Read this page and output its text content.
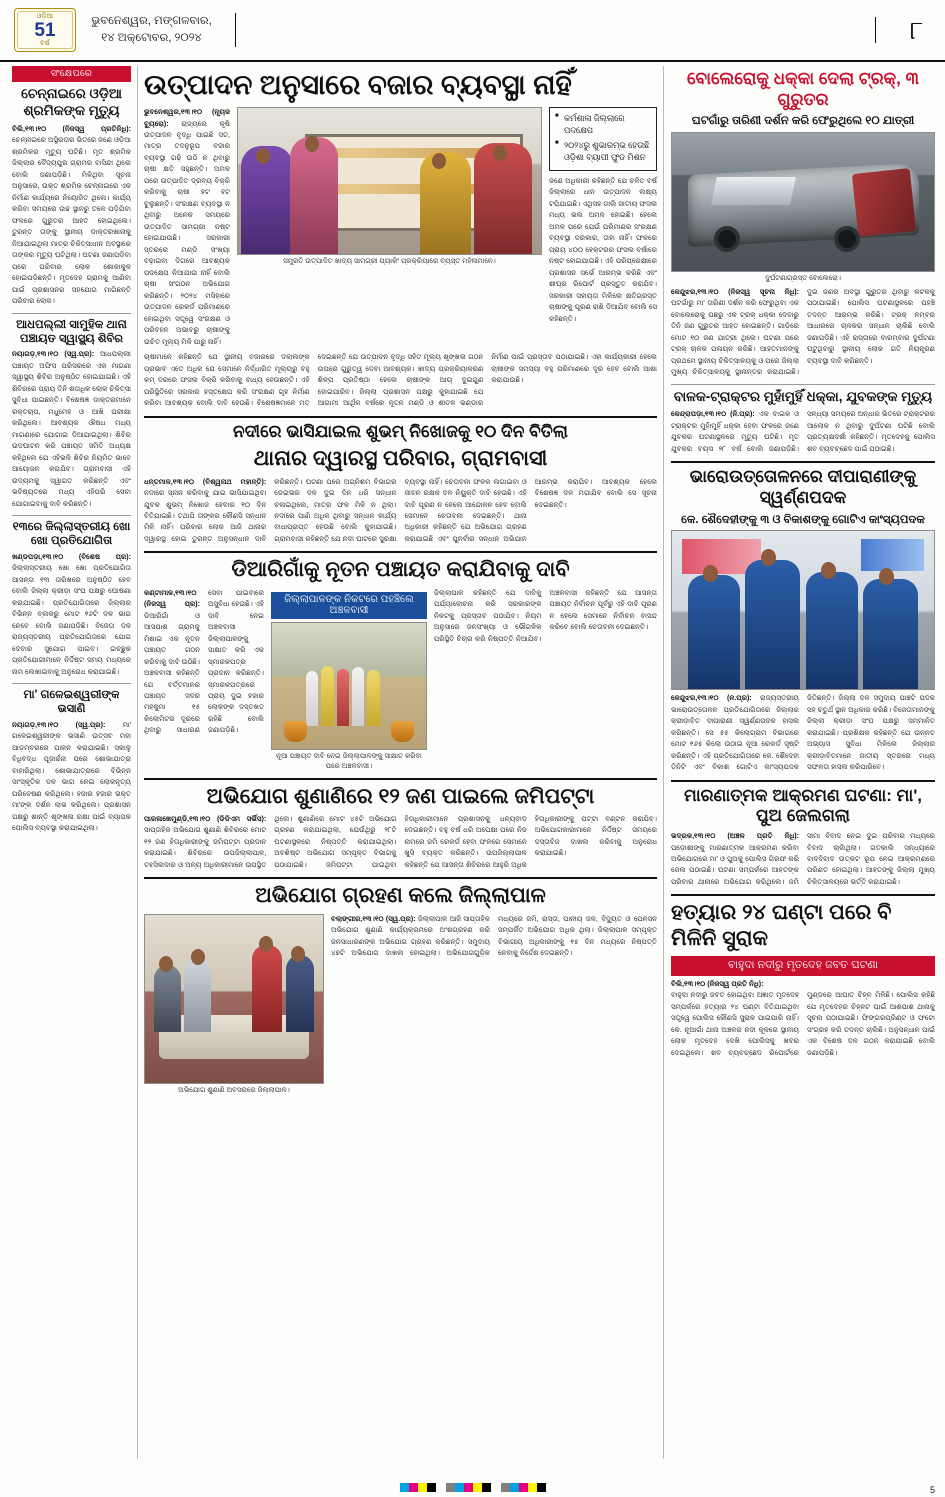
ଓଡ଼ିଆ
51
ବର୍ଷ
ଭୁବନେଶ୍ୱର, ମଙ୍ଗଳବାର,
୧୪ ଅକ୍ଟୋବର, ୨୦୨୪	୮
ସଂକ୍ଷେପରେ
ଚେନ୍ନାଇରେ ଓଡ଼ିଆ ଶ୍ରମିକଙ୍କ ମୃତ୍ୟୁ
ବିଲି,୧୩।୧୦ (ନିଜସ୍ୱ ପ୍ରତିନିଧି): ଚେନ୍ନାଇରେ ଅସ୍ଥିରତାର ଭିତରେ ଜଣେ ଓଡ଼ିଆ ଶ୍ରମିକର ମୃତ୍ୟୁ ଘଟିଛି। ମୃତ ଶ୍ରମିକ ଜିଲ୍ଲାର ବୈଦ୍ୟପୁର ଗ୍ରାମର ବାସିନ୍ଦା ଥିଲେ ବୋଲି ଜଣାପଡ଼ିଛି। ମିଳିଥିବା ସୂଚନା ଅନୁସାରେ, ଉକ୍ତ ଶ୍ରମିକ ଚେନ୍ନାଇରେ ଏକ ନିର୍ମାଣ କାର୍ଯ୍ୟରେ ନିୟୋଜିତ ଥିଲେ। କାର୍ଯ୍ୟ କରିବା ସମୟରେ ଉଚ୍ଚ ସ୍ଥାନରୁ ତଳେ ପଡ଼ିଯିବା ଫଳରେ ଗୁରୁତର ଆହତ ହୋଇଥିଲେ। ତୁରନ୍ତ ତାଙ୍କୁ ସ୍ଥାନୀୟ ଡାକ୍ତରଖାନାକୁ ନିଆଯାଇଥିଲା ମାତ୍ର ଚିକିତ୍ସାଧୀନ ଅବସ୍ଥାରେ ତାଙ୍କର ମୃତ୍ୟୁ ଘଟିଥିଲା। ଘଟଣା ଜଣାପଡ଼ିବା ପରେ ପରିବାର ଲୋକ ଶୋକାକୁଳ ହୋଇପଡ଼ିଛନ୍ତି। ମୃତଦେହ ଗ୍ରାମକୁ ଆଣିବା ପାଇଁ ପ୍ରଶାସନର ସହଯୋଗ ମାଗିଛନ୍ତି ପରିବାର ଲୋକ।
ଆଧପଲ୍ଲୀ ସାମୁହିକ ଥାନା ପଞ୍ଚାୟତ ସ୍ୱାସ୍ଥ୍ୟ ଶିବିର
ନୟାଗଡ଼,୧୩।୧୦ (ସ୍ୱ.ପ୍ର): ଆଧପଲ୍ଲୀ ପଞ୍ଚାୟତ ଅଫିସ ପରିସରରେ ଏକ ମାଗଣା ସ୍ୱାସ୍ଥ୍ୟ ଶିବିର ଅନୁଷ୍ଠିତ ହୋଇଯାଇଛି। ଏହି ଶିବିରରେ ପ୍ରାୟ ତିନି ଶତାଧିକ ଲୋକ ଚିକିତ୍ସା ସୁବିଧା ପାଇଛନ୍ତି। ବିଶେଷଜ୍ଞ ଡାକ୍ତରମାନେ ରକ୍ତଚାପ, ମଧୁମେହ ଓ ଆଖି ପରୀକ୍ଷା କରିଥିଲେ। ଆବଶ୍ୟକ ଔଷଧ ମଧ୍ୟ ମାଗଣାରେ ଯୋଗାଇ ଦିଆଯାଇଥିଲା। ଶିବିର ଉଦଘାଟନ କରି ପଞ୍ଚାୟତ ସମିତି ଅଧ୍ୟକ୍ଷ କହିଥିଲେ ଯେ ଏହିଭଳି ଶିବିର ନିୟମିତ ଭାବେ ଆୟୋଜନ କରାଯିବ। ଗ୍ରାମବାସୀ ଏହି ଉଦ୍ୟମକୁ ସ୍ୱାଗତ କରିଛନ୍ତି ଏବଂ ଭବିଷ୍ୟତରେ ମଧ୍ୟ ଏହିପରି ସେବା ଯୋଗାଇବାକୁ ଦାବି କରିଛନ୍ତି।
୧୩ରେ ଜିଲ୍ଲାସ୍ତରୀୟ ଖୋ ଖୋ ପ୍ରତିଯୋଗିତା
ଖଣ୍ଡପଡ଼ା,୧୩।୧୦ (ବିଶେଷ ପ୍ର): ଜିଲ୍ଲାସ୍ତରୀୟ ଖୋ ଖୋ ପ୍ରତିଯୋଗିତା ଆସନ୍ତା ୧୩ ତାରିଖରେ ଅନୁଷ୍ଠିତ ହେବ ବୋଲି ଜିଲ୍ଲା କ୍ରୀଡ଼ା ସଂଘ ପକ୍ଷରୁ ଘୋଷଣା କରାଯାଇଛି। ପ୍ରତିଯୋଗିତାରେ ଜିଲ୍ଲାର ବିଭିନ୍ନ ବ୍ଲକରୁ ମୋଟ ୧୬ଟି ଦଳ ଭାଗ ନେବେ ବୋଲି ଜଣାପଡ଼ିଛି। ବିଜେତା ଦଳ ରାଜ୍ୟସ୍ତରୀୟ ପ୍ରତିଯୋଗିତାରେ ଯୋଗ ଦେବାର ସୁଯୋଗ ପାଇବ। ଇଚ୍ଛୁକ ପ୍ରତିଯୋଗୀମାନେ ନିର୍ଦ୍ଦିଷ୍ଟ ସମୟ ମଧ୍ୟରେ ନାମ ଲେଖାଇବାକୁ ଅନୁରୋଧ କରାଯାଇଛି।
ମା' ଗଳେଇଶ୍ୱରୀଙ୍କ ଭସାଣି
ନୟାଗଡ଼,୧୩।୧୦ (ସ୍ୱ.ପ୍ର): ମା' ଗଳେଇଶ୍ୱରୀଙ୍କ ଭସାଣି ଉତ୍ସବ ମହା ଆଡ଼ମ୍ବରରେ ପାଳନ କରାଯାଇଛି। ସକାଳୁ ବିଧିବଦ୍ଧ ପୂଜାର୍ଚ୍ଚନା ପରେ ଶୋଭାଯାତ୍ରା ବାହାରିଥିଲା। ଶୋଭାଯାତ୍ରାରେ ବିଭିନ୍ନ ସାଂସ୍କୃତିକ ଦଳ ଭାଗ ନେଇ ଲୋକନୃତ୍ୟ ପରିବେଷଣ କରିଥିଲେ। ହଜାର ହଜାର ଭକ୍ତ ମା'ଙ୍କ ଦର୍ଶନ ଲାଭ କରିଥିଲେ। ପ୍ରଶାସନ ପକ୍ଷରୁ ଶାନ୍ତି ଶୃଙ୍ଖଳା ରକ୍ଷା ପାଇଁ ବ୍ୟାପକ ପୋଲିସ ବ୍ୟବସ୍ଥା କରାଯାଇଥିଲା।
ଉତ୍ପାଦନ ଅନୁସାରେ ବଜାର ବ୍ୟବସ୍ଥା ନାହିଁ
ଭୁବନେଶ୍ୱର,୧୩।୧୦ (ନ୍ୟୂଜ ବ୍ୟୁରୋ): ରାଜ୍ୟରେ କୃଷି ଉତ୍ପାଦନ ବୃଦ୍ଧି ପାଇଛି ସତ, ମାତ୍ର ତଦନୁରୂପ ବଜାର ବ୍ୟବସ୍ଥା ଗଢ଼ି ଉଠି ନ ଥିବାରୁ ଚାଷୀ କ୍ଷତି ସହୁଛନ୍ତି। ଅମଳ ପରେ ଉତ୍ପାଦିତ ଦ୍ରବ୍ୟ ବିକ୍ରି କରିବାକୁ ଚାଷୀ ହଟ ହଟ ବୁଲୁଛନ୍ତି। ସଂରକ୍ଷଣ ବ୍ୟବସ୍ଥା ନ ଥିବାରୁ ଅନେକ ସମୟରେ ଉତ୍ପାଦିତ ସାମଗ୍ରୀ ନଷ୍ଟ ହୋଇଯାଉଛି।	ସରକାରୀ ସ୍ତରରେ ମଣ୍ଡି ସଂଖ୍ୟା ବଢ଼ାଇବା ଦିଗରେ ଆବଶ୍ୟକ ପଦକ୍ଷେପ ନିଆଯାଉ ନାହିଁ ବୋଲି ଚାଷୀ ସଂଗଠନ ଅଭିଯୋଗ କରିଛନ୍ତି। ୨୦୨୪ ମସିହାରେ ଉତ୍ପାଦନ ରେକର୍ଡ ପରିମାଣରେ ହୋଇଥିବା ସତ୍ତ୍ୱେ ସଂରକ୍ଷଣ ଓ ପରିବହନ ଅଭାବରୁ ଚାଷୀଙ୍କୁ ଉଚିତ ମୂଲ୍ୟ ମିଳି ପାରୁ ନାହିଁ।
ସମ୍ପ୍ରତି ଉତ୍ପାଦିତ ଖାଦ୍ୟ ସାମଗ୍ରୀ ପ୍ୟାକିଂ ପ୍ରକ୍ରିୟାରେ ବ୍ୟସ୍ତ ମହିଳାମାନେ।
■ କର୍ମଶାଳା ଜିଲ୍ଲାରେ ପଦକ୍ଷେପ
■ ୨୦୨୪ରୁ ଶୁଭାରମ୍ଭ ହେଉଛି ଓଡ଼ିଶା ବ୍ୟାପୀ ଫୁଡ ମିଶନ
ଜଣେ ଅଧିକାରୀ କହିଛନ୍ତି ଯେ ଚଳିତ ବର୍ଷ ଜିଲ୍ଲାରେ ଧାନ ଉତ୍ପାଦନ ଲକ୍ଷ୍ୟ ଟପିଯାଇଛି। ଏଥିସହ ଡାଲି ଜାତୀୟ ଫସଲ ମଧ୍ୟ ଭଲ ଅମଳ ହୋଇଛି। ହେଲେ ଅମଳ ପରେ ଯେଉଁ ପରିମାଣର ସଂରକ୍ଷଣ ବ୍ୟବସ୍ଥା ଦରକାର, ତାହା ନାହିଁ। ଫଳରେ ପ୍ରାୟ ୪୦୦ ହେକ୍ଟରର ଫସଲ ବର୍ଷାରେ ନଷ୍ଟ ହୋଇଯାଇଛି। ଏହି ପରିପ୍ରେକ୍ଷୀରେ ପ୍ରଶାସନ ସର୍ଭେ ଆରମ୍ଭ କରିଛି ଏବଂ ଶୀଘ୍ର ରିପୋର୍ଟ ପ୍ରସ୍ତୁତ କରାଯିବ। ସରକାରୀ ସହାୟତା ମିଳିଲେ କ୍ଷତିଗ୍ରସ୍ତ ଚାଷୀଙ୍କୁ ପୂରଣ ରାଶି ଦିଆଯିବ ବୋଲି ସେ କହିଛନ୍ତି।
ଚାଷୀମାନେ କହିଛନ୍ତି ଯେ ସ୍ଥାନୀୟ ବଜାରରେ ଦଲାଲଙ୍କ ପ୍ରଭାବ ଏତେ ଅଧିକ ଯେ ସେମାନେ ନିର୍ଦ୍ଧାରିତ ମୂଲ୍ୟରୁ ବହୁ କମ୍ ଦରରେ ଫସଲ ବିକ୍ରି କରିବାକୁ ବାଧ୍ୟ ହେଉଛନ୍ତି। ଏହି ପରିସ୍ଥିତିରେ ସରକାର ହସ୍ତକ୍ଷେପ କରି ସଂରକ୍ଷଣ ଗୃହ ନିର୍ମାଣ କରିବା ଆବଶ୍ୟକ ବୋଲି ଦାବି ହେଉଛି। ବିଶେଷଜ୍ଞମାନେ ମତ ଦେଇଛନ୍ତି ଯେ ଉତ୍ପାଦନ ବୃଦ୍ଧି ସହିତ ମୂଲ୍ୟ ଶୃଙ୍ଖଳା ଗଠନ ଉପରେ ଗୁରୁତ୍ୱ ଦେବା ଆବଶ୍ୟକ। ଖାଦ୍ୟ ପ୍ରକ୍ରିୟାକରଣ ଶିଳ୍ପ ପ୍ରତିଷ୍ଠା ହେଲେ ଚାଷୀଙ୍କ ଆୟ ଦୁଇଗୁଣ ହୋଇପାରିବ। ଜିଲ୍ଲା ପ୍ରଶାସନ ପକ୍ଷରୁ କୁହାଯାଇଛି ଯେ ଆଗାମୀ ଆର୍ଥିକ ବର୍ଷରେ ନୂତନ ମଣ୍ଡି ଓ ଶୀତଳ ଭଣ୍ଡାର ନିର୍ମାଣ ପାଇଁ ପ୍ରସ୍ତାବ ପଠାଯାଇଛି। ଏହା କାର୍ଯ୍ୟକାରୀ ହେଲେ ଚାଷୀଙ୍କ ସମସ୍ୟା ବହୁ ପରିମାଣରେ ଦୂର ହେବ ବୋଲି ଆଶା କରାଯାଉଛି।
ନଦୀରେ ଭାସିଯାଇଲ ଶୁଭମ୍ ନିଖୋଜକୁ ୧୦ ଦିନ ବିତିଲା
ଥାନାର ଦ୍ୱାରସ୍ଥ ପରିବାର, ଗ୍ରାମବାସୀ
ଧନ୍ତମାଳ,୧୩।୧୦ (ବିଶ୍ୱନାଥ ମହାନ୍ତି): ନଦୀରେ ସ୍ନାନ କରିବାକୁ ଯାଇ ଭାସିଯାଇଥିବା ଯୁବକ ଶୁଭମ୍ ନିଖୋଜ ହେବାର ୧୦ ଦିନ ବିତିଯାଇଛି। ତଥାପି ତାଙ୍କର କୌଣସି ସନ୍ଧାନ ମିଳି ନାହିଁ। ପରିବାର ଲୋକ ଆଜି ଥାନାର ଦ୍ୱାରସ୍ଥ ହୋଇ ତୁରନ୍ତ ଅନୁସନ୍ଧାନ ଦାବି କରିଛନ୍ତି। ଘଟଣା ପରେ ଅଗ୍ନିଶମ ବିଭାଗର ଡେଇଭର ଦଳ ଦୁଇ ଦିନ ଧରି ସନ୍ଧାନ ଚଳାଇଥିଲେ, ମାତ୍ର ଫଳ ମିଳି ନ ଥିଲା। ନଦୀରେ ପାଣି ଅଧିକ ଥିବାରୁ ସନ୍ଧାନ କାର୍ଯ୍ୟ ବାଧାପ୍ରାପ୍ତ ହେଉଛି ବୋଲି କୁହାଯାଇଛି। ଗ୍ରାମବାସୀ କହିଛନ୍ତି ଯେ ନଦୀ ଘାଟରେ ସୁରକ୍ଷା ବ୍ୟବସ୍ଥା ନାହିଁ। ଚେତାବନୀ ଫଳକ ଲଗାଇବା ଓ ଜୀବନ ରକ୍ଷକ ଦଳ ନିୟୁକ୍ତି ଦାବି ହେଉଛି। ଏହି ଦାବି ପୂରଣ ନ ହେଲେ ଆନ୍ଦୋଳନ ହେବ ବୋଲି ସେମାନେ ଚେତାବନୀ ଦେଇଛନ୍ତି। ଥାନା ଅଧିକାରୀ କହିଛନ୍ତି ଯେ ଅଭିଯୋଗ ଗ୍ରହଣ କରାଯାଇଛି ଏବଂ ପୁନର୍ବାର ସନ୍ଧାନ ଅଭିଯାନ ଆରମ୍ଭ କରାଯିବ। ଆବଶ୍ୟକ ହେଲେ ବିଶେଷଜ୍ଞ ଦଳ ମଗାଯିବ ବୋଲି ସେ ସୂଚନା ଦେଇଛନ୍ତି।
ଡିଆରିଗାଁକୁ ନୂତନ ପଞ୍ଚାୟତ କରାଯିବାକୁ ଦାବି
କଣ୍ଟାମାଳ,୧୩।୧୦ (ନିଜସ୍ୱ ପ୍ର): ଡିଆରିଗାଁ ଓ ଆସପାଶ ଗ୍ରାମକୁ ମିଶାଇ ଏକ ନୂତନ ପଞ୍ଚାୟତ ଗଠନ କରିବାକୁ ଦାବି ଉଠିଛି। ଅଞ୍ଚଳବାସୀ କହିଛନ୍ତି ଯେ ବର୍ତ୍ତମାନର ପଞ୍ଚାୟତ ସଦର ମହକୁମା ୧୫ କିଲୋମିଟର ଦୂରରେ ଥିବାରୁ ସାଧାରଣ ସେବା ପାଇବାରେ ଅସୁବିଧା ହେଉଛି। ଏହି ଦାବି ନେଇ ଅଞ୍ଚଳବାସୀ ଜିଲ୍ଲାପାଳଙ୍କୁ ସାକ୍ଷାତ କରି ଏକ ସ୍ମାରକପତ୍ର ପ୍ରଦାନ କରିଛନ୍ତି। ସ୍ମାରକପତ୍ରରେ ପ୍ରାୟ ଦୁଇ ହଜାର ଲୋକଙ୍କ ଦସ୍ତଖତ ରହିଛି ବୋଲି ଜଣାପଡ଼ିଛି।
ଜିଲ୍ଲାପାଳଙ୍କ ନିକଟରେ ପହଞ୍ଚିଲେ ଅଞ୍ଚଳବାସୀ
ନୂଆ ପଞ୍ଚାୟତ ଦାବି ନେଇ ଜିଲ୍ଲାପାଳଙ୍କୁ ସାକ୍ଷାତ କରିବା ପରେ ଅଞ୍ଚଳବାସୀ।
ଜିଲ୍ଲାପାଳ କହିଛନ୍ତି ଯେ ଦାବିକୁ ପର୍ଯ୍ୟାଲୋଚନା କରି ସରକାରଙ୍କ ନିକଟକୁ ପ୍ରସ୍ତାବ ପଠାଯିବ। ନିୟମ ଅନୁସାରେ ଜନସଂଖ୍ୟା ଓ ଭୌଗଳିକ ପରିସ୍ଥିତି ବିଚାର କରି ନିଷ୍ପତ୍ତି ନିଆଯିବ। ଅଞ୍ଚଳବାସୀ କହିଛନ୍ତି ଯେ ଆସନ୍ତା ପଞ୍ଚାୟତ ନିର୍ବାଚନ ପୂର୍ବରୁ ଏହି ଦାବି ପୂରଣ ନ ହେଲେ ସେମାନେ ନିର୍ବାଚନ ବାସନ୍ଦ କରିବେ ବୋଲି ଚେତାବନୀ ଦେଇଛନ୍ତି।
ଅଭିଯୋଗ ଶୁଣାଣିରେ ୧୨ ଜଣ ପାଇଲେ ଜମିପଟ୍ଟା
ପାରଳାଖେମୁଣ୍ଡି,୧୩।୧୦ (ଡିଡିଏମ ସର୍ଭିସ): ସାପ୍ତାହିକ ଅଭିଯୋଗ ଶୁଣାଣି ଶିବିରରେ ମୋଟ ୧୨ ଜଣ ହିତାଧିକାରୀଙ୍କୁ ଜମିପଟ୍ଟା ପ୍ରଦାନ କରାଯାଇଛି। ଶିବିରରେ ଉପଜିଲ୍ଲାପାଳ, ତହସିଲଦାର ଓ ଅନ୍ୟ ଅଧିକାରୀମାନେ ଉପସ୍ଥିତ ଥିଲେ। ଶୁଣାଣିରେ ମୋଟ ୪୫ଟି ଅଭିଯୋଗ ଗ୍ରହଣ କରାଯାଇଥିଲା, ଯେଉଁଥିରୁ ୨୮ଟି ଘଟଣାସ୍ଥଳରେ ନିଷ୍ପତ୍ତି କରାଯାଇଥିଲା। ଅବଶିଷ୍ଟ ଅଭିଯୋଗ ସମ୍ପୃକ୍ତ ବିଭାଗକୁ ପଠାଯାଇଛି।	ଜମିପଟ୍ଟା ପାଇଥିବା ହିତାଧିକାରୀମାନେ ପ୍ରଶାସନକୁ ଧନ୍ୟବାଦ ଦେଇଛନ୍ତି। ବହୁ ବର୍ଷ ଧରି ଅପେକ୍ଷା ପରେ ନିଜ ନାମରେ ଜମି ରେକର୍ଡ ହେବା ଫଳରେ ସେମାନେ ଖୁସି ବ୍ୟକ୍ତ କରିଛନ୍ତି। ଉପଜିଲ୍ଲାପାଳ କହିଛନ୍ତି ଯେ ଆସନ୍ତା ଶିବିରରେ ଆହୁରି ଅଧିକ ହିତାଧିକାରୀଙ୍କୁ ପଟ୍ଟା ବଣ୍ଟନ କରାଯିବ। ଅଭିଯୋଗକାରୀମାନେ ନିର୍ଦ୍ଦିଷ୍ଟ ସମୟରେ ଦସ୍ତାବିଜ ଦାଖଲ କରିବାକୁ ଅନୁରୋଧ କରାଯାଇଛି।
ଅଭିଯୋଗ ଗ୍ରହଣ କଲେ ଜିଲ୍ଲାପାଳ
ଅଭିଯୋଗ ଶୁଣାଣି ଅବସରରେ ଜିଲ୍ଲାପାଳ।
ବଲାଙ୍ଗୀର,୧୩।୧୦ (ସ୍ୱ.ପ୍ର): ଜିଲ୍ଲାପାଳ ଆଜି ସାପ୍ତାହିକ ଅଭିଯୋଗ ଶୁଣାଣି କାର୍ଯ୍ୟକ୍ରମରେ ଅଂଶଗ୍ରହଣ କରି ଜନସାଧାରଣଙ୍କ ଅଭିଯୋଗ ଗ୍ରହଣ କରିଛନ୍ତି। ସମୁଦାୟ ୪୭ଟି ଅଭିଯୋଗ ଦାଖଲ ହୋଇଥିଲା। ଅଭିଯୋଗଗୁଡ଼ିକ ମଧ୍ୟରେ ଜମି, ରାସ୍ତା, ପାନୀୟ ଜଳ, ବିଦ୍ୟୁତ ଓ ପେନସନ ସମ୍ପର୍କିତ ଅଭିଯୋଗ ଅଧିକ ଥିଲା। ଜିଲ୍ଲାପାଳ ସମ୍ପୃକ୍ତ ବିଭାଗୀୟ ଅଧିକାରୀଙ୍କୁ ୧୫ ଦିନ ମଧ୍ୟରେ ନିଷ୍ପତ୍ତି ନେବାକୁ ନିର୍ଦ୍ଦେଶ ଦେଇଛନ୍ତି।
ବୋଲେରୋକୁ ଧକ୍କା ଦେଲା ଟ୍ରକ୍, ୩ ଗୁରୁତର
ଘଟଗାଁରୁ ତାରିଣୀ ଦର୍ଶନ କରି ଫେରୁଥିଲେ ୧୦ ଯାତ୍ରୀ
ଦୁର୍ଘଟଣାଗ୍ରସ୍ତ ବୋଲେରୋ।
କେନ୍ଦୁଝର,୧୩।୧୦ (ନିଜସ୍ୱ ସୂଚନା ନିଧି): ଘଟଗାଁରୁ ମା' ତାରିଣୀ ଦର୍ଶନ କରି ଫେରୁଥିବା ଏକ ବୋଲେରୋକୁ ପଛରୁ ଏକ ଟ୍ରକ୍ ଧକ୍କା ଦେବାରୁ ତିନି ଜଣ ଗୁରୁତର ଆହତ ହୋଇଛନ୍ତି। ଗାଡ଼ିରେ ମୋଟ ୧୦ ଜଣ ଯାତ୍ରୀ ଥିଲେ। ଘଟଣା ପରେ ଟ୍ରକ୍ ଚାଳକ ପଳାୟନ କରିଛି। ଆହତମାନଙ୍କୁ ପ୍ରଥମେ ସ୍ଥାନୀୟ ଚିକିତ୍ସାଳୟକୁ ଓ ପରେ ଜିଲ୍ଲା ମୁଖ୍ୟ ଚିକିତ୍ସାଳୟକୁ ସ୍ଥାନାନ୍ତର କରାଯାଇଛି। ଦୁଇ ଜଣର ଅବସ୍ଥା ଗୁରୁତର ଥିବାରୁ କଟକକୁ ପଠାଯାଇଛି। ପୋଲିସ ଘଟଣାସ୍ଥଳରେ ପହଞ୍ଚି ତଦନ୍ତ ଆରମ୍ଭ କରିଛି। ଟ୍ରକ୍ ନମ୍ବର ଆଧାରରେ ଚାଳକର ସନ୍ଧାନ ଚାଲିଛି ବୋଲି ଜଣାପଡ଼ିଛି। ଏହି ରାସ୍ତାରେ ବାରମ୍ବାର ଦୁର୍ଘଟଣା ଘଟୁଥିବାରୁ ସ୍ଥାନୀୟ ଲୋକ ଗତି ନିୟନ୍ତ୍ରଣ ବ୍ୟବସ୍ଥା ଦାବି କରିଛନ୍ତି।
ବାଳକ-ଟ୍ରାକ୍ଟର ମୁହାଁମୁହିଁ ଧକ୍କା, ଯୁବକଙ୍କ ମୃତ୍ୟୁ
କେନ୍ଦ୍ରାପଡ଼ା,୧୩।୧୦ (ନି.ପ୍ର): ଏକ ବାଇକ ଓ ଟ୍ରାକ୍ଟର ମୁହାଁମୁହିଁ ଧକ୍କା ହେବା ଫଳରେ ଜଣେ ଯୁବକର ଘଟଣାସ୍ଥଳରେ ମୃତ୍ୟୁ ଘଟିଛି। ମୃତ ଯୁବକର ବୟସ ୨୮ ବର୍ଷ ବୋଲି ଜଣାପଡ଼ିଛି। ସନ୍ଧ୍ୟା ସମୟରେ ଅନ୍ଧାର ଭିତରେ ଟ୍ରାକ୍ଟରର ଆଲୋକ ନ ଥିବାରୁ ଦୁର୍ଘଟଣା ଘଟିଛି ବୋଲି ପ୍ରତ୍ୟକ୍ଷଦର୍ଶୀ କହିଛନ୍ତି। ମୃତଦେହକୁ ପୋଲିସ ଶବ ବ୍ୟବଚ୍ଛେଦ ପାଇଁ ପଠାଇଛି।
ଭାରୋଉତ୍ତୋଳନରେ ଦୀପାରାଣୀଙ୍କୁ ସ୍ୱର୍ଣ୍ଣପଦକ
କେ. ଶୈଦେହୀଙ୍କୁ ୩ ଓ ବିକାଶଙ୍କୁ ଗୋଟିଏ କାଂସ୍ୟପଦକ
କେନ୍ଦୁଝର,୧୩।୧୦ (ନ.ପ୍ର): ରାଜ୍ୟସ୍ତରୀୟ ଭାରୋଉତ୍ତୋଳନ ପ୍ରତିଯୋଗିତାରେ ଜିଲ୍ଲାର କ୍ରୀଡ଼ାବିତ ଦୀପାରାଣୀ ସ୍ୱର୍ଣ୍ଣପଦକ ହାସଲ କରିଛନ୍ତି। ସେ ୫୫ କିଲୋଗ୍ରାମ ବିଭାଗରେ ମୋଟ ୧୬୫ କିଲୋ ଉଠାଇ ନୂଆ ରେକର୍ଡ ସୃଷ୍ଟି କରିଛନ୍ତି। ଏହି ପ୍ରତିଯୋଗିତାରେ କେ. ଶୈଦେହୀ ତିନିଟି ଏବଂ ବିକାଶ ଗୋଟିଏ କାଂସ୍ୟପଦକ ଜିତିଛନ୍ତି। ଜିଲ୍ଲା ଦଳ ସମୁଦାୟ ପାଞ୍ଚଟି ପଦକ ସହ ଚତୁର୍ଥ ସ୍ଥାନ ଅଧିକାର କରିଛି। ବିଜେତାମାନଙ୍କୁ ଜିଲ୍ଲା କ୍ରୀଡ଼ା ସଂଘ ପକ୍ଷରୁ ସମ୍ମାନିତ କରାଯାଇଛି। ପ୍ରଶିକ୍ଷକ କହିଛନ୍ତି ଯେ ଉନ୍ନତ ଅଭ୍ୟାସ ସୁବିଧା ମିଳିଲେ ଜିଲ୍ଲାର କ୍ରୀଡ଼ାବିତମାନେ ଜାତୀୟ ସ୍ତରରେ ମଧ୍ୟ ସଫଳତା ହାସଲ କରିପାରିବେ।
ମାରଣାତ୍ମକ ଆକ୍ରମଣ ଘଟଣା: ମା', ପୁଅ ଜେଲଗଲା
ଭଦ୍ରକ,୧୩।୧୦ (ଅଞ୍ଚଳ ପ୍ରତି ନିଧି): ପଡ଼ୋଶୀଙ୍କୁ ମାରଣାତ୍ମକ ଆକ୍ରମଣ କରିବା ଅଭିଯୋଗରେ ମା' ଓ ପୁଅକୁ ପୋଲିସ ଗିରଫ କରି ଜେଲ ପଠାଇଛି। ଘଟଣା ସମ୍ପର୍କରେ ଆହତଙ୍କ ପରିବାର ଥାନାରେ ଅଭିଯୋଗ କରିଥିଲେ। ଜମି ସୀମା ବିବାଦ ନେଇ ଦୁଇ ପରିବାର ମଧ୍ୟରେ ବିବାଦ ଚାଲିଥିଲା। ଗତକାଲି ସନ୍ଧ୍ୟାରେ ବାଦବିବାଦ ଉତ୍କଟ ରୂପ ନେଇ ଆକ୍ରମଣରେ ପରିଣତ ହୋଇଥିଲା। ଆହତଙ୍କୁ ଜିଲ୍ଲା ମୁଖ୍ୟ ଚିକିତ୍ସାଳୟରେ ଭର୍ତ୍ତି କରାଯାଇଛି।
ହତ୍ୟାର ୨୪ ଘଣ୍ଟା ପରେ ବି ମିଳିନି ସୁରାକ
ବାହୁଦା ନଦୀରୁ ମୃତଦେହ ଜବତ ଘଟଣା
ବିଲି,୧୩।୧୦ (ନିଜସ୍ୱ ପ୍ରତି ନିଧି):
ବାହୁଦା ନଦୀରୁ ଜବତ ହୋଇଥିବା ଅଜ୍ଞାତ ମୃତଦେହ ସମ୍ପର୍କରେ ହତ୍ୟାର ୨୪ ଘଣ୍ଟା ବିତିଯାଇଥିବା ସତ୍ତ୍ୱେ ପୋଲିସ କୌଣସି ସୁରାକ ପାଇପାରି ନାହିଁ। କେ. ନୂଆଗାଁ ଥାନା ଅଞ୍ଚଳର ନଦୀ କୂଳରେ ସ୍ଥାନୀୟ ଲୋକ ମୃତଦେହ ଦେଖି ପୋଲିସକୁ ଖବର ଦେଇଥିଲେ। ଶବ ବ୍ୟବଚ୍ଛେଦ ରିପୋର୍ଟରେ ମୁଣ୍ଡରେ ଆଘାତ ଚିହ୍ନ ମିଳିଛି। ପୋଲିସ କହିଛି ଯେ ମୃତଦେହର ଚିହ୍ନଟ ପାଇଁ ଆଶପାଶ ଥାନାକୁ ସୂଚନା ପଠାଯାଇଛି। ଫିଙ୍ଗରପ୍ରିଣ୍ଟ ଓ ଫଟୋ ସଂଗ୍ରହ କରି ତଦନ୍ତ ଚାଲିଛି। ଅନୁସନ୍ଧାନ ପାଇଁ ଏକ ବିଶେଷ ଦଳ ଗଠନ କରାଯାଇଛି ବୋଲି ଜଣାପଡ଼ିଛି।
5
